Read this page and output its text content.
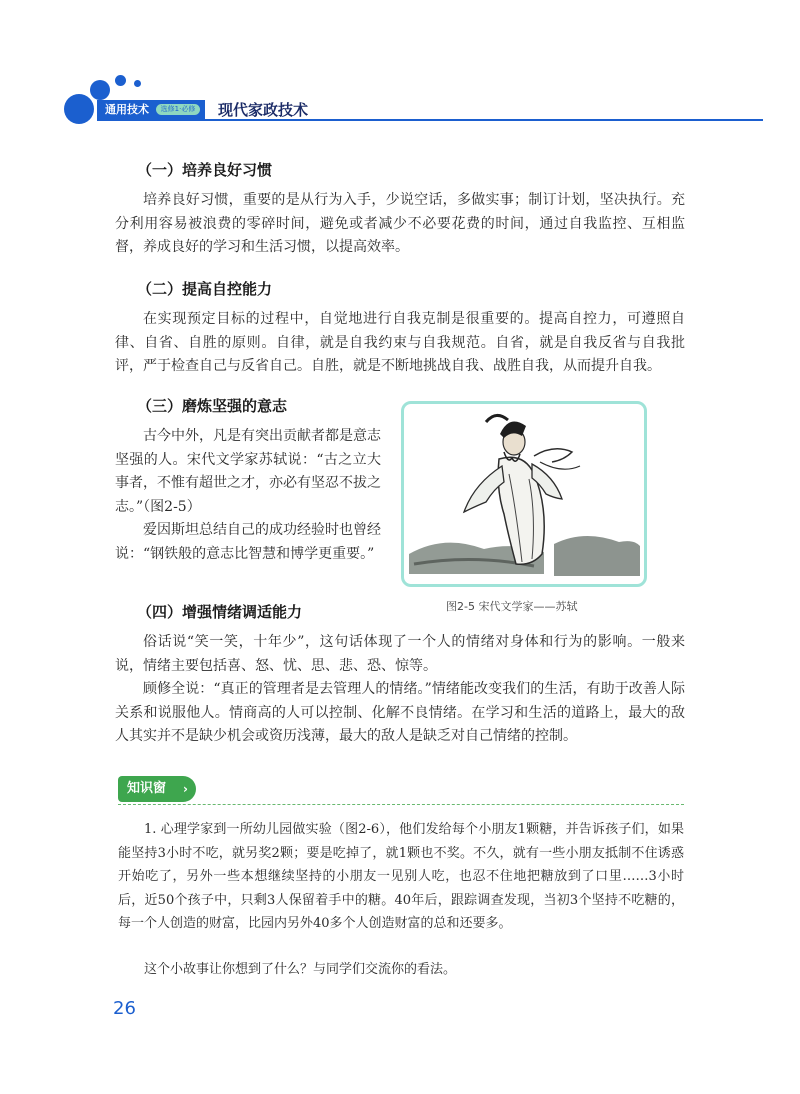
通用技术	选修1·必修	现代家政技术
（一）培养良好习惯

培养良好习惯，重要的是从行为入手，少说空话，多做实事；制订计划，坚决执行。充分利用容易被浪费的零碎时间，避免或者减少不必要花费的时间，通过自我监控、互相监督，养成良好的学习和生活习惯，以提高效率。

（二）提高自控能力

在实现预定目标的过程中，自觉地进行自我克制是很重要的。提高自控力，可遵照自律、自省、自胜的原则。自律，就是自我约束与自我规范。自省，就是自我反省与自我批评，严于检查自己与反省自己。自胜，就是不断地挑战自我、战胜自我，从而提升自我。

（三）磨炼坚强的意志

古今中外，凡是有突出贡献者都是意志坚强的人。宋代文学家苏轼说：“古之立大事者，不惟有超世之才，亦必有坚忍不拔之志。”（图2-5）

爱因斯坦总结自己的成功经验时也曾经说：“钢铁般的意志比智慧和博学更重要。”

图2-5 宋代文学家——苏轼
（四）增强情绪调适能力

俗话说“笑一笑，十年少”，这句话体现了一个人的情绪对身体和行为的影响。一般来说，情绪主要包括喜、怒、忧、思、悲、恐、惊等。

顾修全说：“真正的管理者是去管理人的情绪。”情绪能改变我们的生活，有助于改善人际关系和说服他人。情商高的人可以控制、化解不良情绪。在学习和生活的道路上，最大的敌人其实并不是缺少机会或资历浅薄，最大的敌人是缺乏对自己情绪的控制。

知识窗 ›

1. 心理学家到一所幼儿园做实验（图2-6），他们发给每个小朋友1颗糖，并告诉孩子们，如果能坚持3小时不吃，就另奖2颗；要是吃掉了，就1颗也不奖。不久，就有一些小朋友抵制不住诱惑开始吃了，另外一些本想继续坚持的小朋友一见别人吃，也忍不住地把糖放到了口里……3小时后，近50个孩子中，只剩3人保留着手中的糖。40年后，跟踪调查发现，当初3个坚持不吃糖的，每一个人创造的财富，比园内另外40多个人创造财富的总和还要多。

这个小故事让你想到了什么？与同学们交流你的看法。

26
